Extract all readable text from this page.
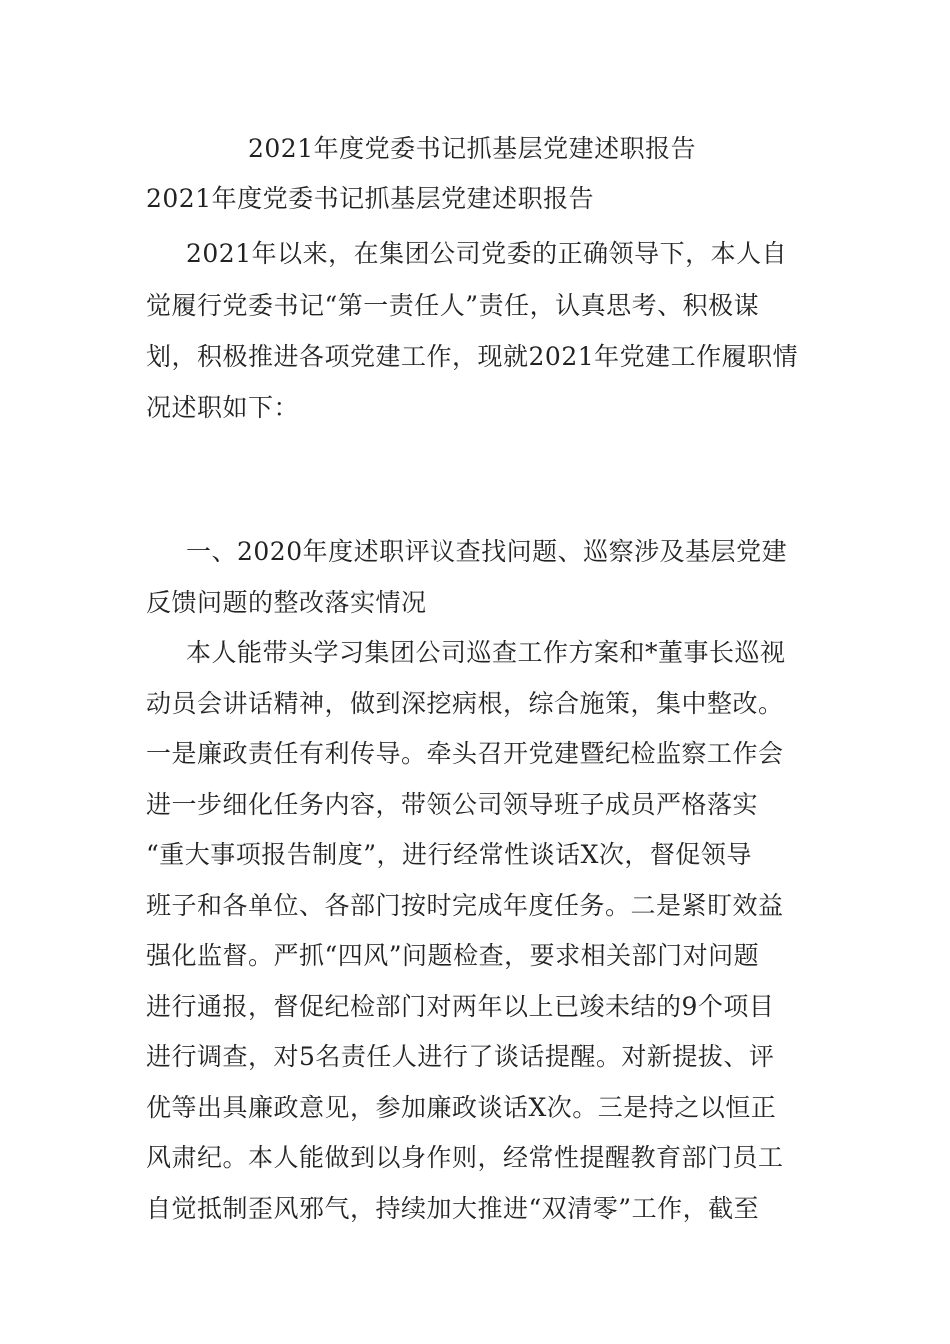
2021年度党委书记抓基层党建述职报告
2021年度党委书记抓基层党建述职报告
2021年以来，在集团公司党委的正确领导下，本人自
觉履行党委书记“第一责任人”责任，认真思考、积极谋
划，积极推进各项党建工作，现就2021年党建工作履职情
况述职如下：
一、2020年度述职评议查找问题、巡察涉及基层党建
反馈问题的整改落实情况
本人能带头学习集团公司巡查工作方案和*董事长巡视
动员会讲话精神，做到深挖病根，综合施策，集中整改。
一是廉政责任有利传导。牵头召开党建暨纪检监察工作会
进一步细化任务内容，带领公司领导班子成员严格落实
“重大事项报告制度”，进行经常性谈话X次，督促领导
班子和各单位、各部门按时完成年度任务。二是紧盯效益
强化监督。严抓“四风”问题检查，要求相关部门对问题
进行通报，督促纪检部门对两年以上已竣未结的9个项目
进行调查，对5名责任人进行了谈话提醒。对新提拔、评
优等出具廉政意见，参加廉政谈话X次。三是持之以恒正
风肃纪。本人能做到以身作则，经常性提醒教育部门员工
自觉抵制歪风邪气，持续加大推进“双清零”工作，截至
